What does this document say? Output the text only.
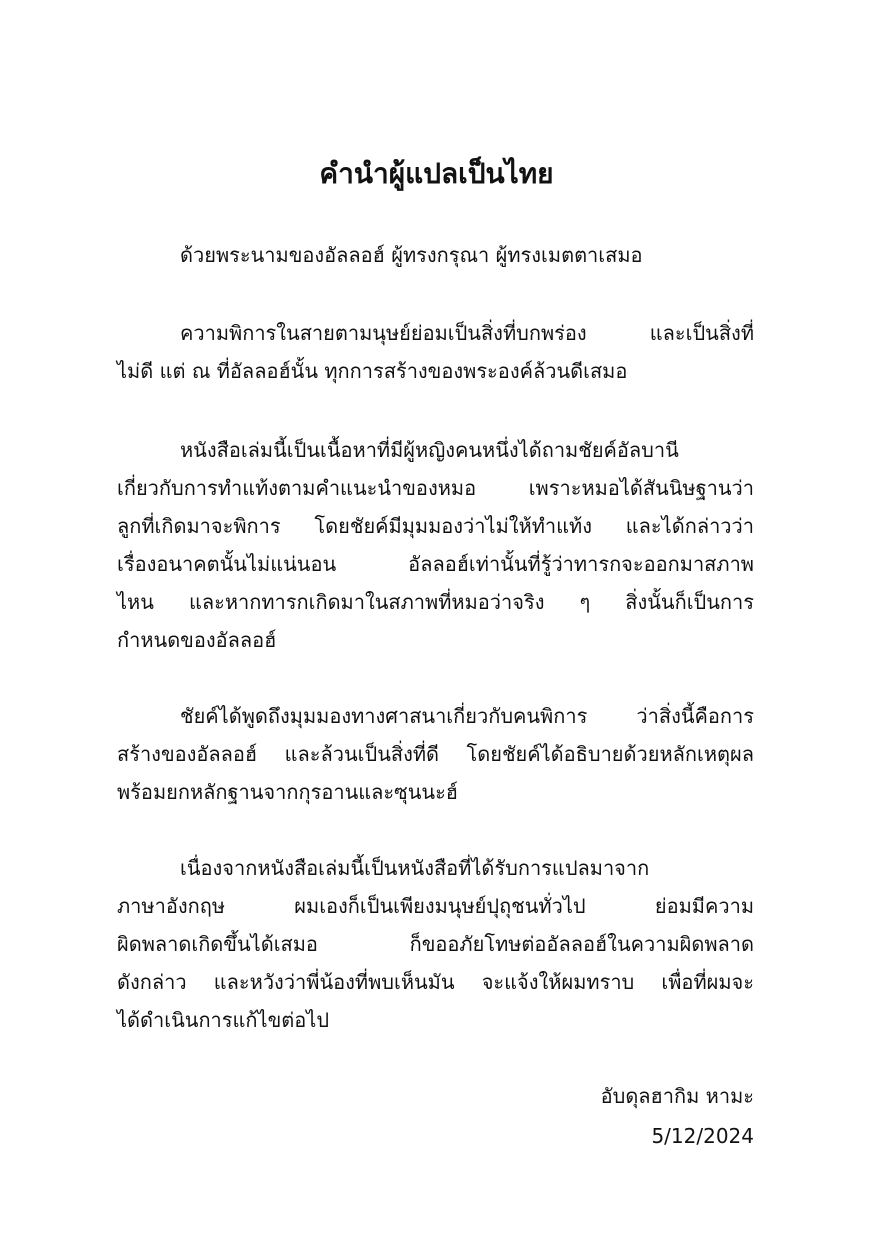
คำนำผู้แปลเป็นไทย
ด้วยพระนามของอัลลอฮ์ ผู้ทรงกรุณา ผู้ทรงเมตตาเสมอ
ความพิการในสายตามนุษย์ย่อมเป็นสิ่งที่บกพร่อง และเป็นสิ่งที่
ไม่ดี แต่ ณ ที่อัลลอฮ์นั้น ทุกการสร้างของพระองค์ล้วนดีเสมอ
หนังสือเล่มนี้เป็นเนื้อหาที่มีผู้หญิงคนหนึ่งได้ถามชัยค์อัลบานี
เกี่ยวกับการทำแท้งตามคำแนะนำของหมอ เพราะหมอได้สันนิษฐานว่า
ลูกที่เกิดมาจะพิการ โดยชัยค์มีมุมมองว่าไม่ให้ทำแท้ง และได้กล่าวว่า
เรื่องอนาคตนั้นไม่แน่นอน อัลลอฮ์เท่านั้นที่รู้ว่าทารกจะออกมาสภาพ
ไหน และหากทารกเกิดมาในสภาพที่หมอว่าจริง ๆ สิ่งนั้นก็เป็นการ
กำหนดของอัลลอฮ์
ชัยค์ได้พูดถึงมุมมองทางศาสนาเกี่ยวกับคนพิการ ว่าสิ่งนี้คือการ
สร้างของอัลลอฮ์ และล้วนเป็นสิ่งที่ดี โดยชัยค์ได้อธิบายด้วยหลักเหตุผล
พร้อมยกหลักฐานจากกุรอานและซุนนะฮ์
เนื่องจากหนังสือเล่มนี้เป็นหนังสือที่ได้รับการแปลมาจาก
ภาษาอังกฤษ ผมเองก็เป็นเพียงมนุษย์ปุถุชนทั่วไป ย่อมมีความ
ผิดพลาดเกิดขึ้นได้เสมอ ก็ขออภัยโทษต่ออัลลอฮ์ในความผิดพลาด
ดังกล่าว และหวังว่าพี่น้องที่พบเห็นมัน จะแจ้งให้ผมทราบ เพื่อที่ผมจะ
ได้ดำเนินการแก้ไขต่อไป
อับดุลฮากิม หามะ
5/12/2024
